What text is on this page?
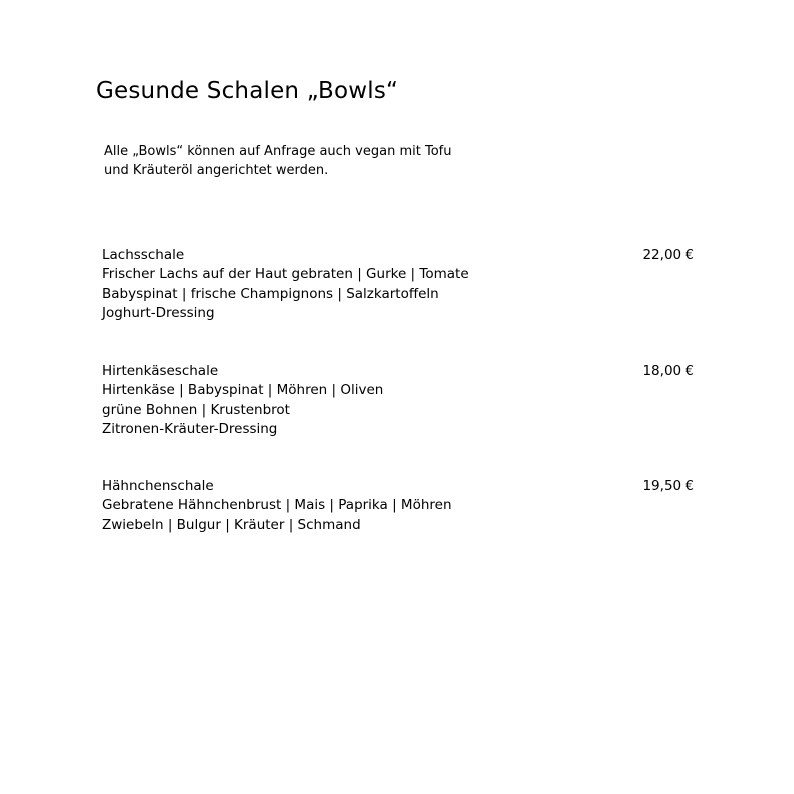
Gesunde Schalen „Bowls“
Alle „Bowls“ können auf Anfrage auch vegan mit Tofu
und Kräuteröl angerichtet werden.
Lachsschale	22,00 €
Frischer Lachs auf der Haut gebraten | Gurke | Tomate
Babyspinat | frische Champignons | Salzkartoffeln
Joghurt-Dressing
Hirtenkäseschale	18,00 €
Hirtenkäse | Babyspinat | Möhren | Oliven
grüne Bohnen | Krustenbrot
Zitronen-Kräuter-Dressing
Hähnchenschale	19,50 €
Gebratene Hähnchenbrust | Mais | Paprika | Möhren
Zwiebeln | Bulgur | Kräuter | Schmand
